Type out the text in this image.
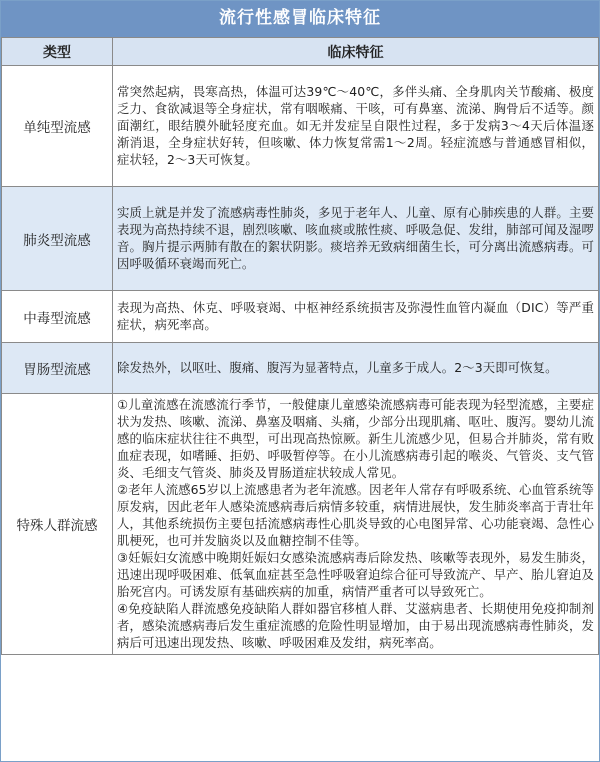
流行性感冒临床特征
类型	临床特征
单纯型流感	常突然起病，畏寒高热，体温可达39℃～40℃，多伴头痛、全身肌肉关节酸痛、极度乏力、食欲减退等全身症状，常有咽喉痛、干咳，可有鼻塞、流涕、胸骨后不适等。颜面潮红，眼结膜外眦轻度充血。如无并发症呈自限性过程，多于发病3～4天后体温逐渐消退，全身症状好转，但咳嗽、体力恢复常需1～2周。轻症流感与普通感冒相似，症状轻，2～3天可恢复。

肺炎型流感	实质上就是并发了流感病毒性肺炎，多见于老年人、儿童、原有心肺疾患的人群。主要表现为高热持续不退，剧烈咳嗽、咳血痰或脓性痰、呼吸急促、发绀，肺部可闻及湿啰音。胸片提示两肺有散在的絮状阴影。痰培养无致病细菌生长，可分离出流感病毒。可因呼吸循环衰竭而死亡。

中毒型流感	表现为高热、休克、呼吸衰竭、中枢神经系统损害及弥漫性血管内凝血（DIC）等严重症状，病死率高。

胃肠型流感	除发热外，以呕吐、腹痛、腹泻为显著特点，儿童多于成人。2～3天即可恢复。

特殊人群流感	①儿童流感在流感流行季节，一般健康儿童感染流感病毒可能表现为轻型流感，主要症状为发热、咳嗽、流涕、鼻塞及咽痛、头痛，少部分出现肌痛、呕吐、腹泻。婴幼儿流感的临床症状往往不典型，可出现高热惊厥。新生儿流感少见，但易合并肺炎，常有败血症表现，如嗜睡、拒奶、呼吸暂停等。在小儿流感病毒引起的喉炎、气管炎、支气管炎、毛细支气管炎、肺炎及胃肠道症状较成人常见。

②老年人流感65岁以上流感患者为老年流感。因老年人常存有呼吸系统、心血管系统等原发病，因此老年人感染流感病毒后病情多较重，病情进展快，发生肺炎率高于青壮年人，其他系统损伤主要包括流感病毒性心肌炎导致的心电图异常、心功能衰竭、急性心肌梗死，也可并发脑炎以及血糖控制不佳等。

③妊娠妇女流感中晚期妊娠妇女感染流感病毒后除发热、咳嗽等表现外，易发生肺炎，迅速出现呼吸困难、低氧血症甚至急性呼吸窘迫综合征可导致流产、早产、胎儿窘迫及胎死宫内。可诱发原有基础疾病的加重，病情严重者可以导致死亡。

④免疫缺陷人群流感免疫缺陷人群如器官移植人群、艾滋病患者、长期使用免疫抑制剂者，感染流感病毒后发生重症流感的危险性明显增加，由于易出现流感病毒性肺炎，发病后可迅速出现发热、咳嗽、呼吸困难及发绀，病死率高。
